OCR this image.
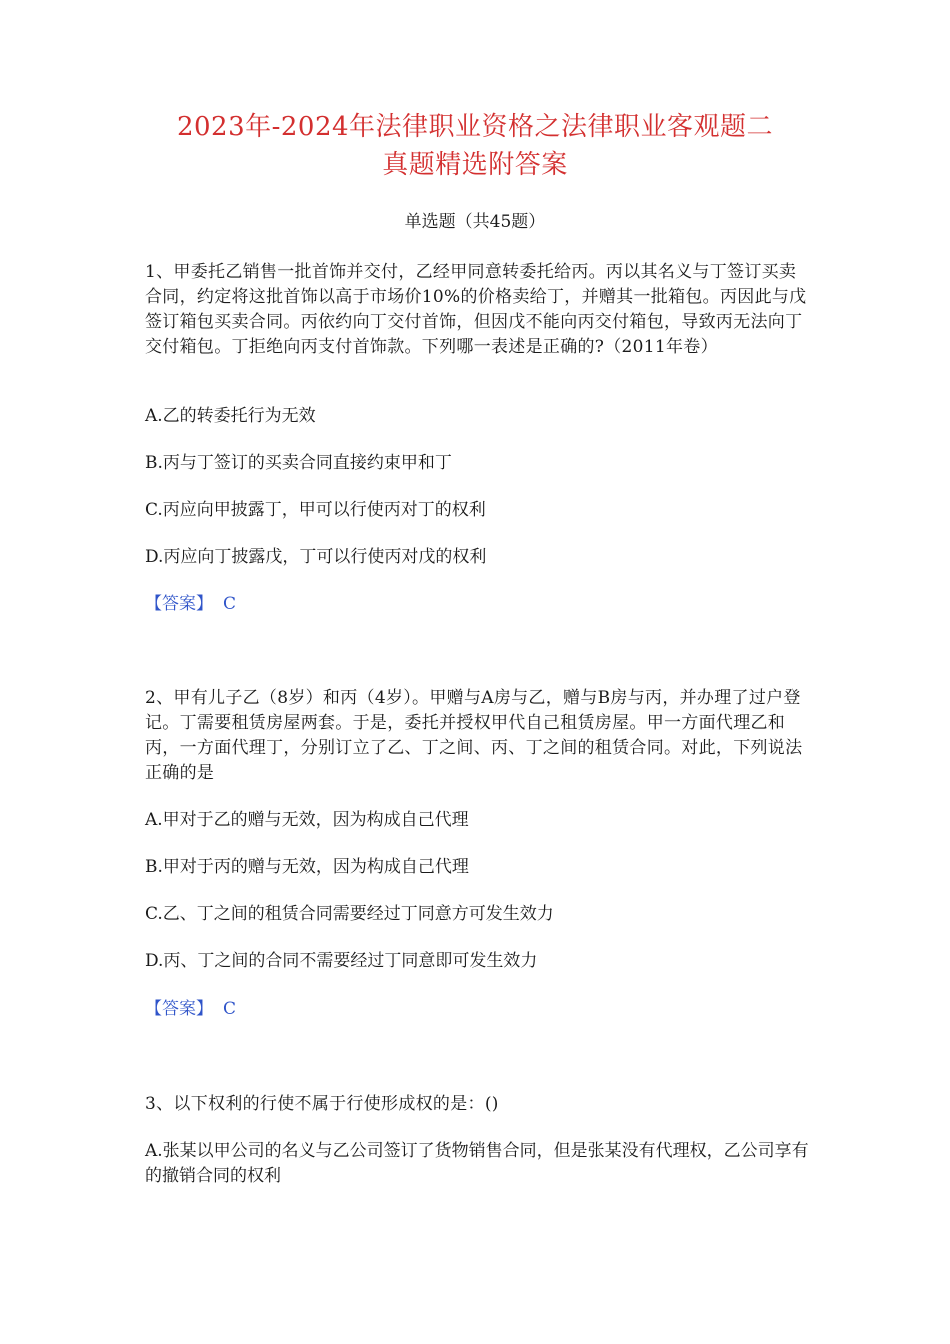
2023年-2024年法律职业资格之法律职业客观题二
真题精选附答案
单选题（共45题）
1、甲委托乙销售一批首饰并交付，乙经甲同意转委托给丙。丙以其名义与丁签订买卖合同，约定将这批首饰以高于市场价10%的价格卖给丁，并赠其一批箱包。丙因此与戊签订箱包买卖合同。丙依约向丁交付首饰，但因戊不能向丙交付箱包，导致丙无法向丁交付箱包。丁拒绝向丙支付首饰款。下列哪一表述是正确的?（2011年卷）
A.乙的转委托行为无效
B.丙与丁签订的买卖合同直接约束甲和丁
C.丙应向甲披露丁，甲可以行使丙对丁的权利
D.丙应向丁披露戊，丁可以行使丙对戊的权利
【答案】 C
2、甲有儿子乙（8岁）和丙（4岁）。甲赠与A房与乙，赠与B房与丙，并办理了过户登记。丁需要租赁房屋两套。于是，委托并授权甲代自己租赁房屋。甲一方面代理乙和丙，一方面代理丁，分别订立了乙、丁之间、丙、丁之间的租赁合同。对此，下列说法正确的是
A.甲对于乙的赠与无效，因为构成自己代理
B.甲对于丙的赠与无效，因为构成自己代理
C.乙、丁之间的租赁合同需要经过丁同意方可发生效力
D.丙、丁之间的合同不需要经过丁同意即可发生效力
【答案】 C
3、以下权利的行使不属于行使形成权的是：()
A.张某以甲公司的名义与乙公司签订了货物销售合同，但是张某没有代理权，乙公司享有的撤销合同的权利
